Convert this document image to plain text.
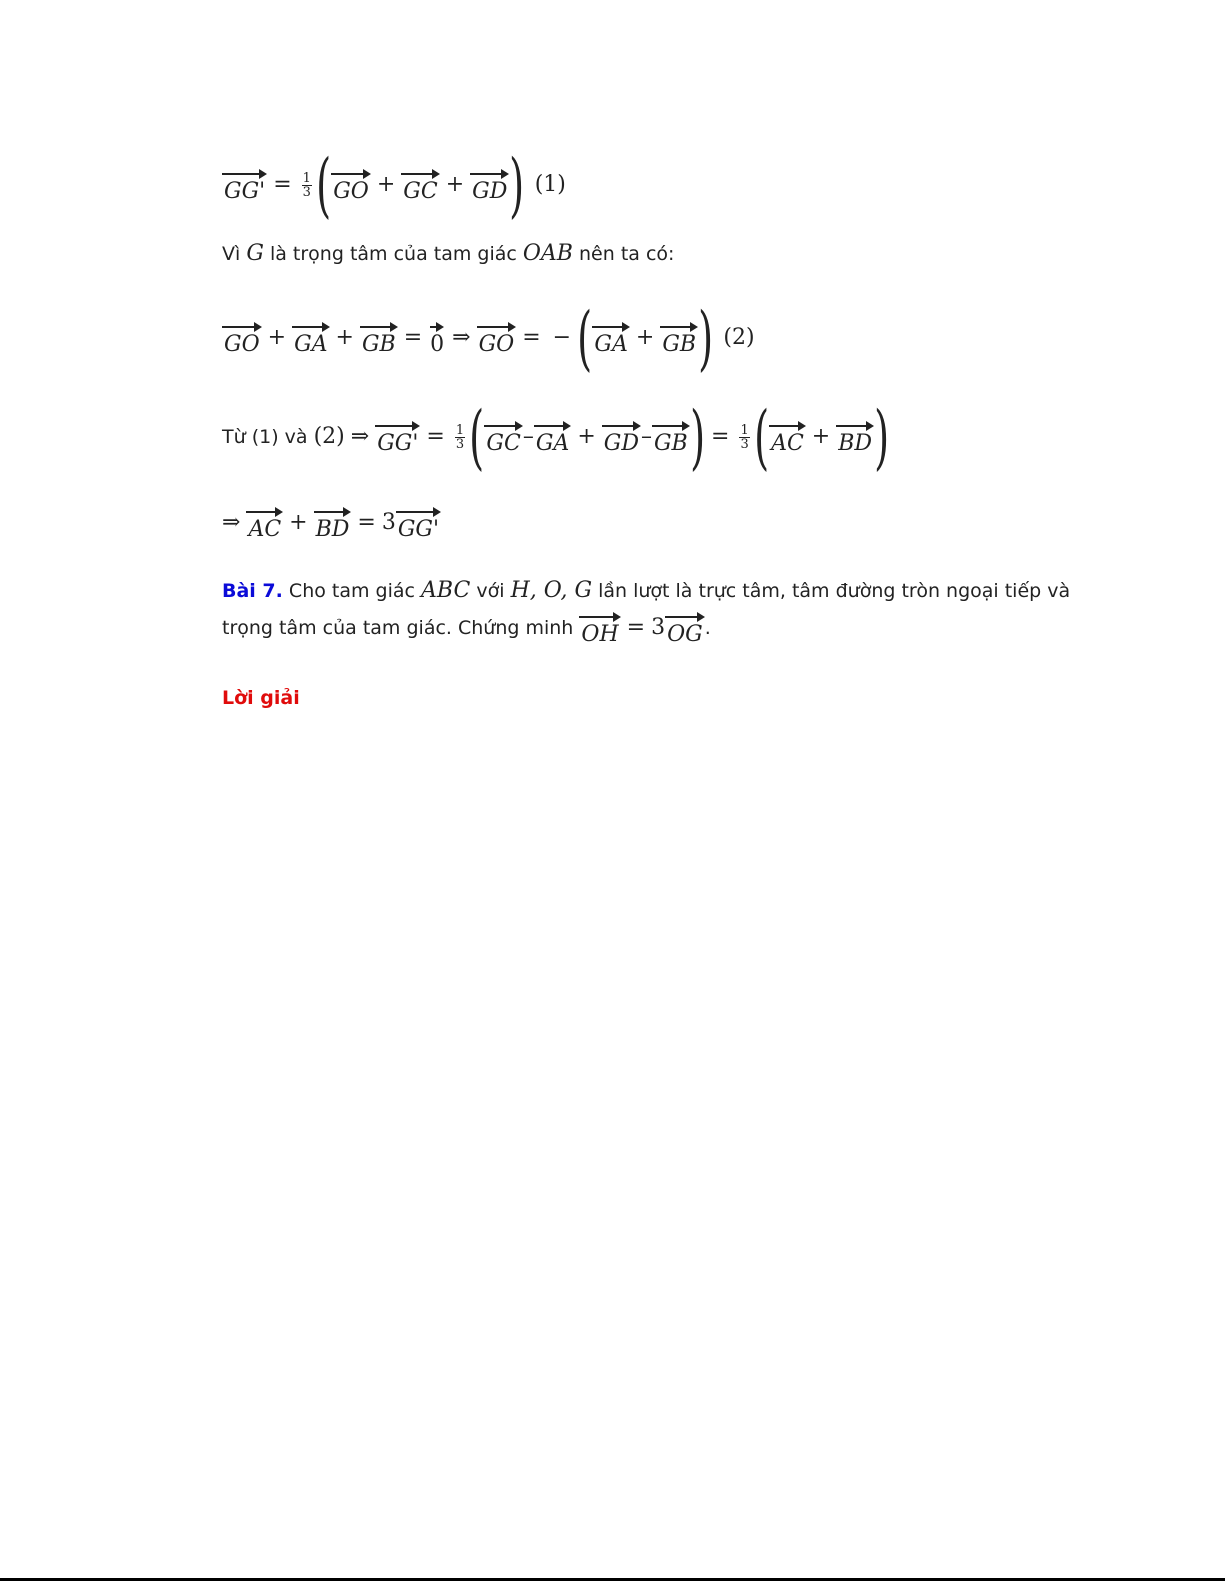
$GG' = \frac{1}{3}$ ( GO + GC + GD ) (1)
Vì
G
là trọng tâm của tam giác
OAB
nên ta có:
GO + GA + GB = 0 ⇒ GO = − ( GA + GB ) (2)
Từ (1) và
(2) ⇒ $GG' = \frac{1}{3}$ ( GC – GA + GD – GB ) = $\frac{1}{3}$ ( AC + BD )
⇒ AC + BD = 3 GG'
Bài 7.
Cho tam giác
ABC
với
H, O, G
lần lượt là trực tâm, tâm đường tròn ngoại tiếp và
trọng tâm của tam giác. Chứng minh
OH = 3 OG .
Lời giải
